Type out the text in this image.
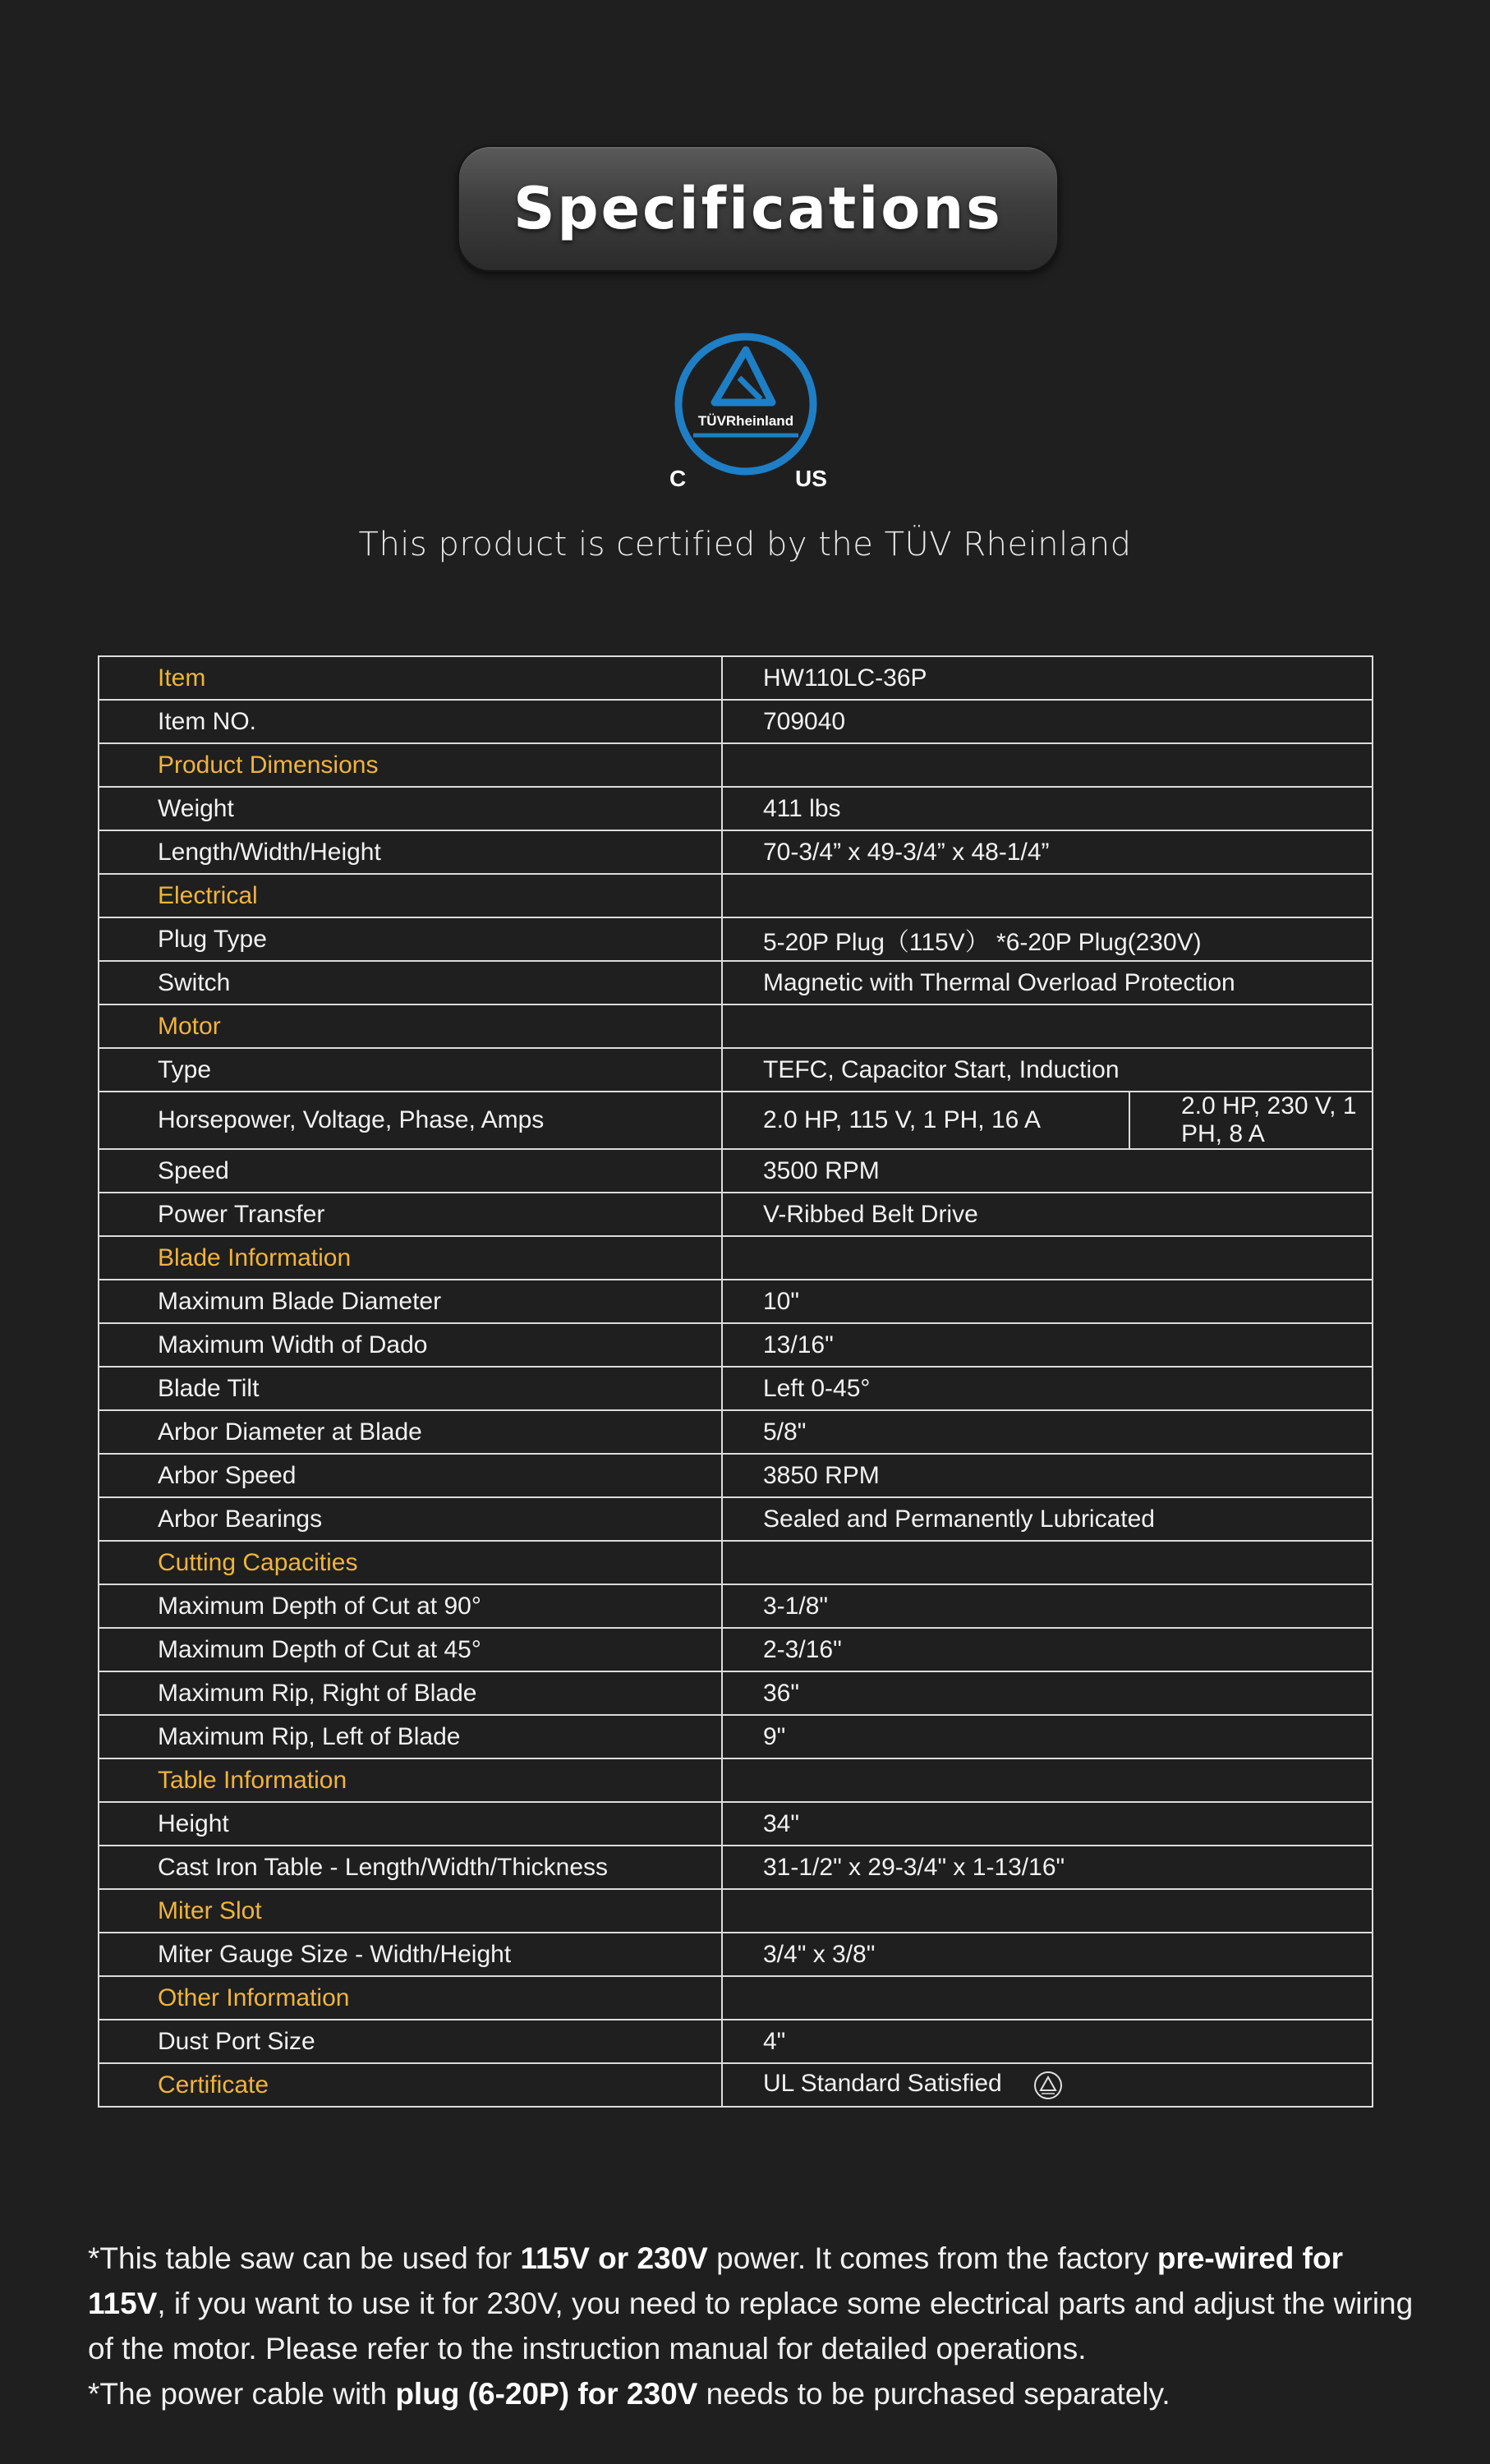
Specifications
TÜVRheinland
C	US
This product is certified by the TÜV Rheinland
Item	HW110LC-36P	
Item NO.	709040	
Product Dimensions		
Weight	411 lbs	
Length/Width/Height	70-3/4” x 49-3/4” x 48-1/4”	
Electrical		
Plug Type	5-20P Plug（115V） *6-20P Plug(230V)	
Switch	Magnetic with Thermal Overload Protection	
Motor		
Type	TEFC, Capacitor Start, Induction	
Horsepower, Voltage, Phase, Amps	2.0 HP, 115 V, 1 PH, 16 A	2.0 HP, 230 V, 1 PH, 8 A
Speed	3500 RPM	
Power Transfer	V-Ribbed Belt Drive	
Blade Information		
Maximum Blade Diameter	10"	
Maximum Width of Dado	13/16"	
Blade Tilt	Left 0-45°	
Arbor Diameter at Blade	5/8"	
Arbor Speed	3850 RPM	
Arbor Bearings	Sealed and Permanently Lubricated	
Cutting Capacities		
Maximum Depth of Cut at 90°	3-1/8"	
Maximum Depth of Cut at 45°	2-3/16"	
Maximum Rip, Right of Blade	36"	
Maximum Rip, Left of Blade	9"	
Table Information		
Height	34"	
Cast Iron Table - Length/Width/Thickness	31-1/2" x 29-3/4" x 1-13/16"	
Miter Slot		
Miter Gauge Size - Width/Height	3/4" x 3/8"	
Other Information		
Dust Port Size	4"	
Certificate	UL Standard Satisfied	

*This table saw can be used for 115V or 230V power. It comes from the factory pre-wired for 115V, if you want to use it for 230V, you need to replace some electrical parts and adjust the wiring of the motor. Please refer to the instruction manual for detailed operations.

*The power cable with plug (6-20P) for 230V needs to be purchased separately.
